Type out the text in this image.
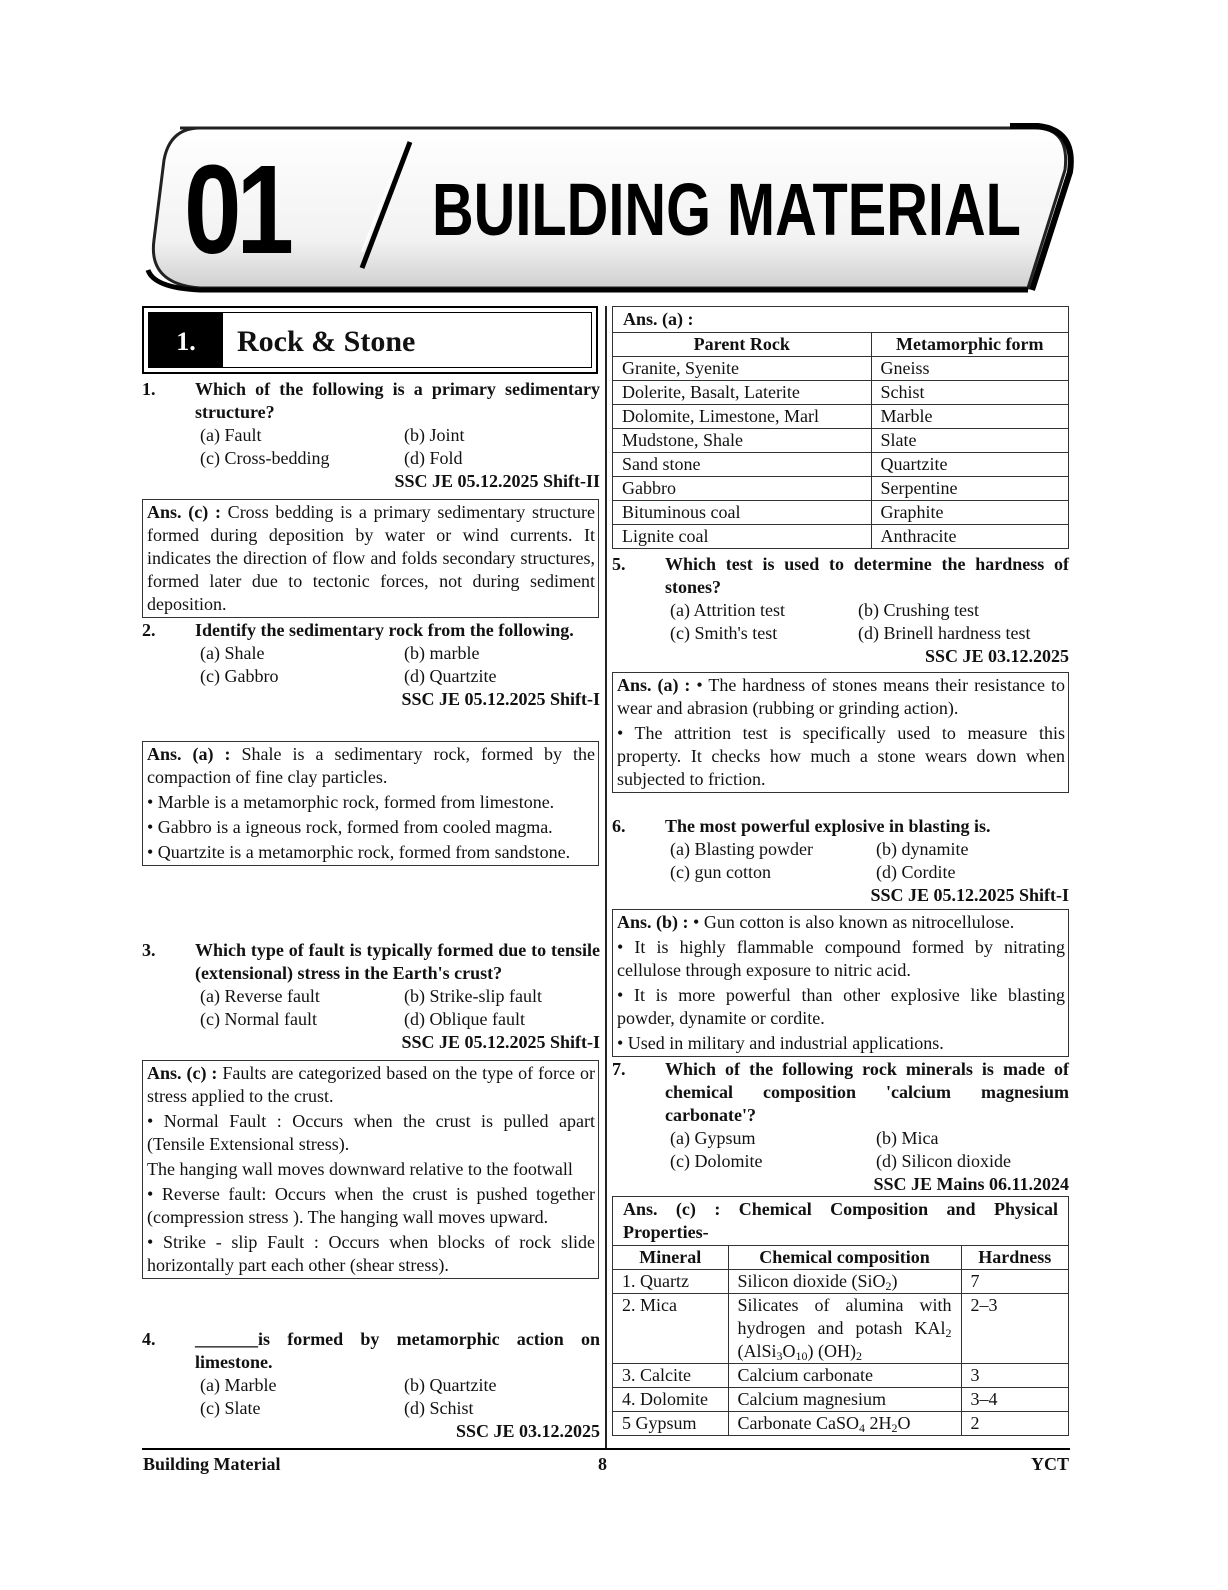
01 BUILDING MATERIAL
1.	Rock & Stone
1. Which of the following is a primary sedimentary structure?
(a) Fault	(b) Joint
(c) Cross-bedding	(d) Fold
SSC JE 05.12.2025 Shift-II

Ans. (c) : Cross bedding is a primary sedimentary structure formed during deposition by water or wind currents. It indicates the direction of flow and folds secondary structures, formed later due to tectonic forces, not during sediment deposition.

2. Identify the sedimentary rock from the following.
(a) Shale	(b) marble
(c) Gabbro	(d) Quartzite
SSC JE 05.12.2025 Shift-I

Ans. (a) : Shale is a sedimentary rock, formed by the compaction of fine clay particles.

• Marble is a metamorphic rock, formed from limestone.

• Gabbro is a igneous rock, formed from cooled magma.

• Quartzite is a metamorphic rock, formed from sandstone.

3. Which type of fault is typically formed due to tensile (extensional) stress in the Earth's crust?
(a) Reverse fault	(b) Strike-slip fault
(c) Normal fault	(d) Oblique fault
SSC JE 05.12.2025 Shift-I

Ans. (c) : Faults are categorized based on the type of force or stress applied to the crust.

• Normal Fault : Occurs when the crust is pulled apart (Tensile Extensional stress).

The hanging wall moves downward relative to the footwall

• Reverse fault: Occurs when the crust is pushed together (compression stress ). The hanging wall moves upward.

• Strike - slip Fault : Occurs when blocks of rock slide horizontally part each other (shear stress).

4. _______is formed by metamorphic action on limestone.
(a) Marble	(b) Quartzite
(c) Slate	(d) Schist
SSC JE 03.12.2025
Ans. (a) :
Parent Rock	Metamorphic form
Granite, Syenite	Gneiss
Dolerite, Basalt, Laterite	Schist
Dolomite, Limestone, Marl	Marble
Mudstone, Shale	Slate
Sand stone	Quartzite
Gabbro	Serpentine
Bituminous coal	Graphite
Lignite coal	Anthracite
5. Which test is used to determine the hardness of stones?
(a) Attrition test	(b) Crushing test
(c) Smith's test	(d) Brinell hardness test
SSC JE 03.12.2025

Ans. (a) : • The hardness of stones means their resistance to wear and abrasion (rubbing or grinding action).

• The attrition test is specifically used to measure this property. It checks how much a stone wears down when subjected to friction.

6. The most powerful explosive in blasting is.
(a) Blasting powder	(b) dynamite
(c) gun cotton	(d) Cordite
SSC JE 05.12.2025 Shift-I

Ans. (b) : • Gun cotton is also known as nitrocellulose.

• It is highly flammable compound formed by nitrating cellulose through exposure to nitric acid.

• It is more powerful than other explosive like blasting powder, dynamite or cordite.

• Used in military and industrial applications.

7. Which of the following rock minerals is made of chemical composition 'calcium magnesium carbonate'?
(a) Gypsum	(b) Mica
(c) Dolomite	(d) Silicon dioxide
SSC JE Mains 06.11.2024
Ans. (c) : Chemical Composition and Physical Properties-
Mineral	Chemical composition	Hardness
1. Quartz	Silicon dioxide (SiO$_2$)	7
2. Mica	Silicates of alumina with hydrogen and potash KAl$_2$ $(AlSi_3O_{10})$ $(OH)_2$	2–3
3. Calcite	Calcium carbonate	3
4. Dolomite	Calcium magnesium	3–4
5 Gypsum	Carbonate CaSO$_4$ $2H_2O$	2
Building Material	8	YCT
